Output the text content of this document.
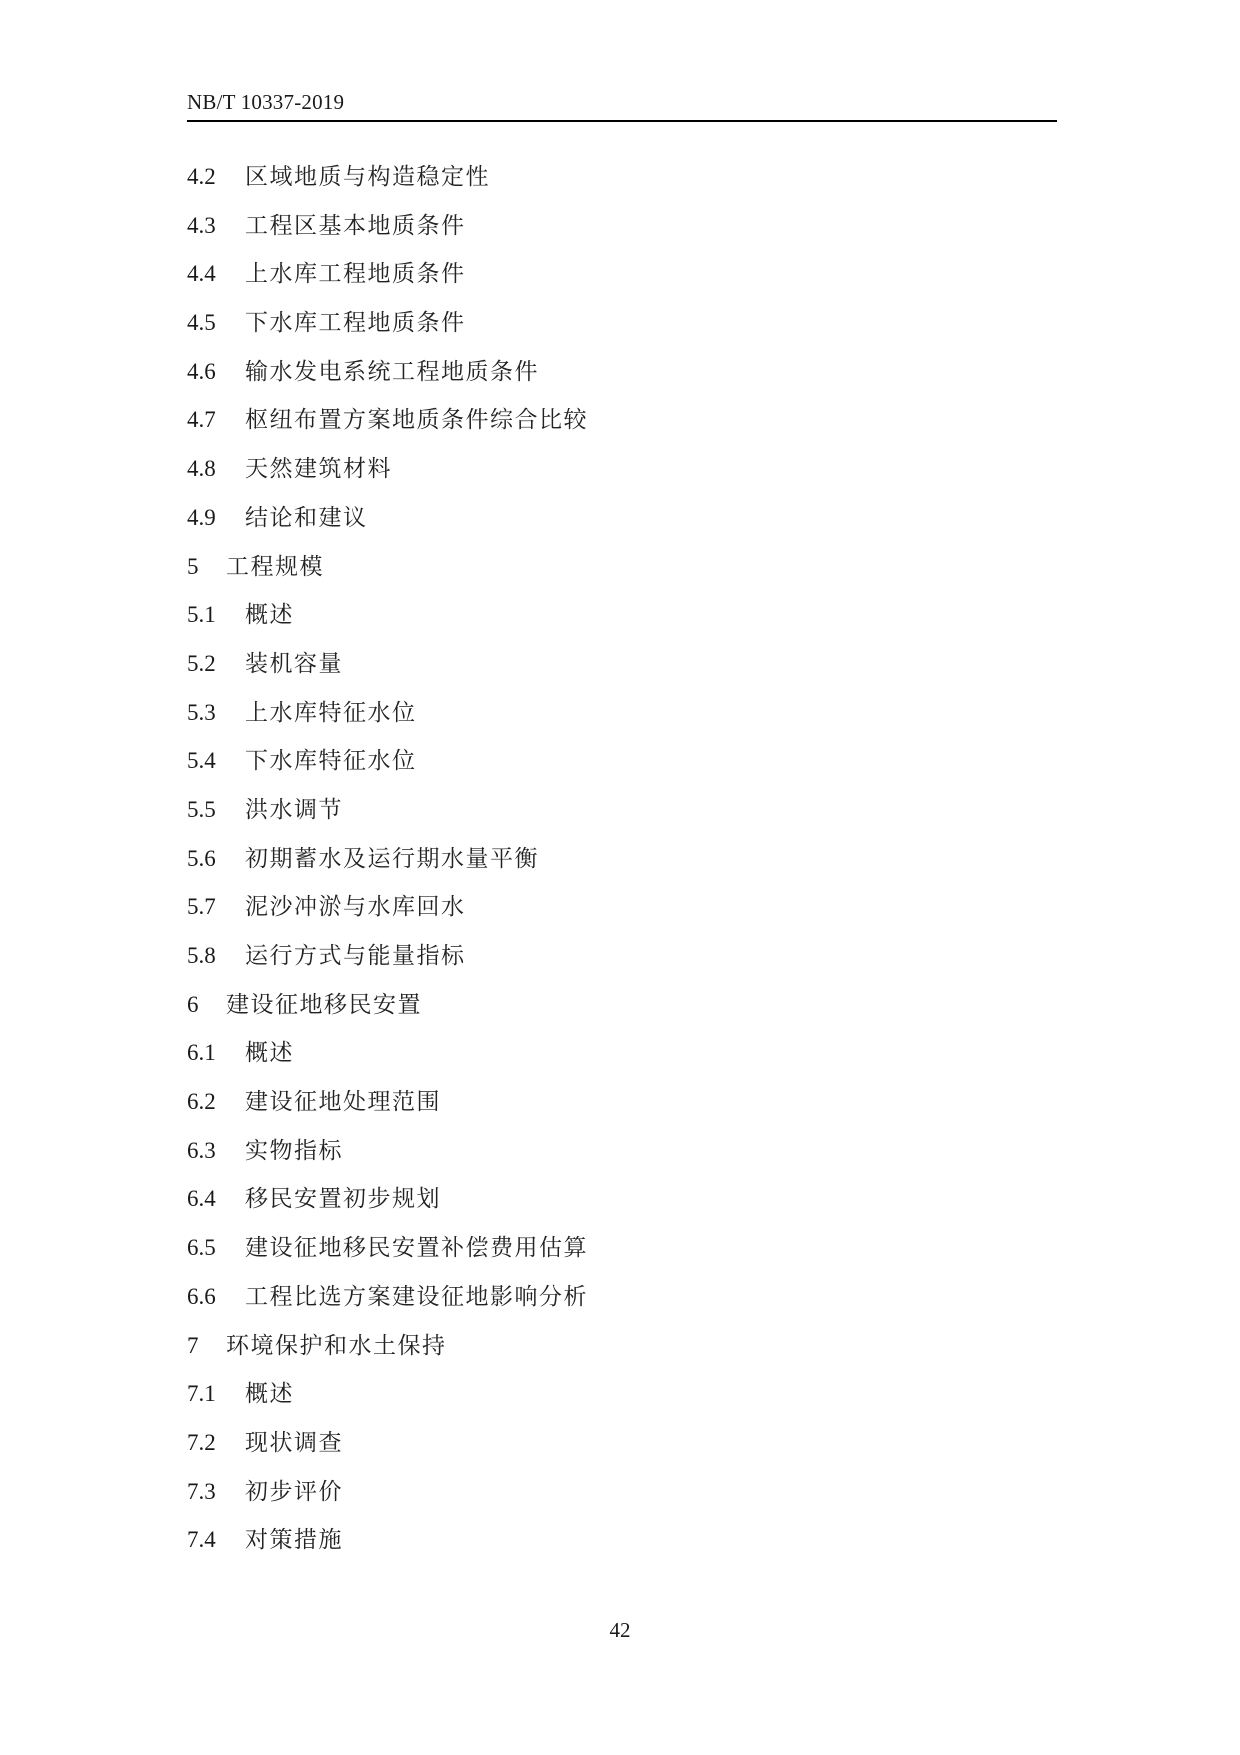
NB/T 10337-2019
4.2	区域地质与构造稳定性
4.3	工程区基本地质条件
4.4	上水库工程地质条件
4.5	下水库工程地质条件
4.6	输水发电系统工程地质条件
4.7	枢纽布置方案地质条件综合比较
4.8	天然建筑材料
4.9	结论和建议
5	工程规模
5.1	概述
5.2	装机容量
5.3	上水库特征水位
5.4	下水库特征水位
5.5	洪水调节
5.6	初期蓄水及运行期水量平衡
5.7	泥沙冲淤与水库回水
5.8	运行方式与能量指标
6	建设征地移民安置
6.1	概述
6.2	建设征地处理范围
6.3	实物指标
6.4	移民安置初步规划
6.5	建设征地移民安置补偿费用估算
6.6	工程比选方案建设征地影响分析
7	环境保护和水土保持
7.1	概述
7.2	现状调查
7.3	初步评价
7.4	对策措施
42
